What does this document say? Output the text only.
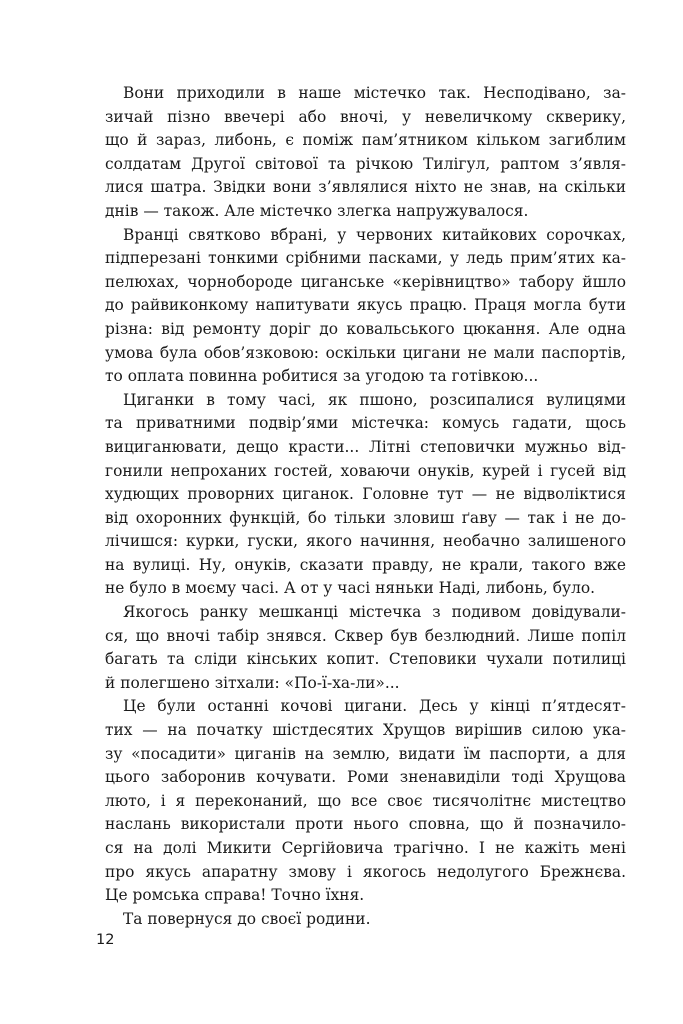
Вони приходили в наше містечко так. Несподівано, за-
зичай пізно ввечері або вночі, у невеличкому скверику,
що й зараз, либонь, є поміж пам’ятником кільком загиблим
солдатам Другої світової та річкою Тилігул, раптом з’явля-
лися шатра. Звідки вони з’являлися ніхто не знав, на скільки
днів — також. Але містечко злегка напружувалося.
Вранці святково вбрані, у червоних китайкових сорочках,
підперезані тонкими срібними пасками, у ледь прим’ятих ка-
пелюхах, чорнобороде циганське «керівництво» табору йшло
до райвиконкому напитувати якусь працю. Праця могла бути
різна: від ремонту доріг до ковальського цюкання. Але одна
умова була обов’язковою: оскільки цигани не мали паспортів,
то оплата повинна робитися за угодою та готівкою...
Циганки в тому часі, як пшоно, розсипалися вулицями
та приватними подвір’ями містечка: комусь гадати, щось
вициганювати, дещо красти... Літні степовички мужньо від-
гонили непроханих гостей, ховаючи онуків, курей і гусей від
худющих проворних циганок. Головне тут — не відволіктися
від охоронних функцій, бо тільки зловиш ґаву — так і не до-
лічишся: курки, гуски, якого начиння, необачно залишеного
на вулиці. Ну, онуків, сказати правду, не крали, такого вже
не було в моєму часі. А от у часі няньки Наді, либонь, було.
Якогось ранку мешканці містечка з подивом довідували-
ся, що вночі табір знявся. Сквер був безлюдний. Лише попіл
багать та сліди кінських копит. Степовики чухали потилиці
й полегшено зітхали: «По-ї-ха-ли»...
Це були останні кочові цигани. Десь у кінці п’ятдесят-
тих — на початку шістдесятих Хрущов вирішив силою ука-
зу «посадити» циганів на землю, видати їм паспорти, а для
цього заборонив кочувати. Роми зненавиділи тоді Хрущова
люто, і я переконаний, що все своє тисячолітнє мистецтво
наслань використали проти нього сповна, що й позначило-
ся на долі Микити Сергійовича трагічно. І не кажіть мені
про якусь апаратну змову і якогось недолугого Брежнєва.
Це ромська справа! Точно їхня.
Та повернуся до своєї родини.
12
